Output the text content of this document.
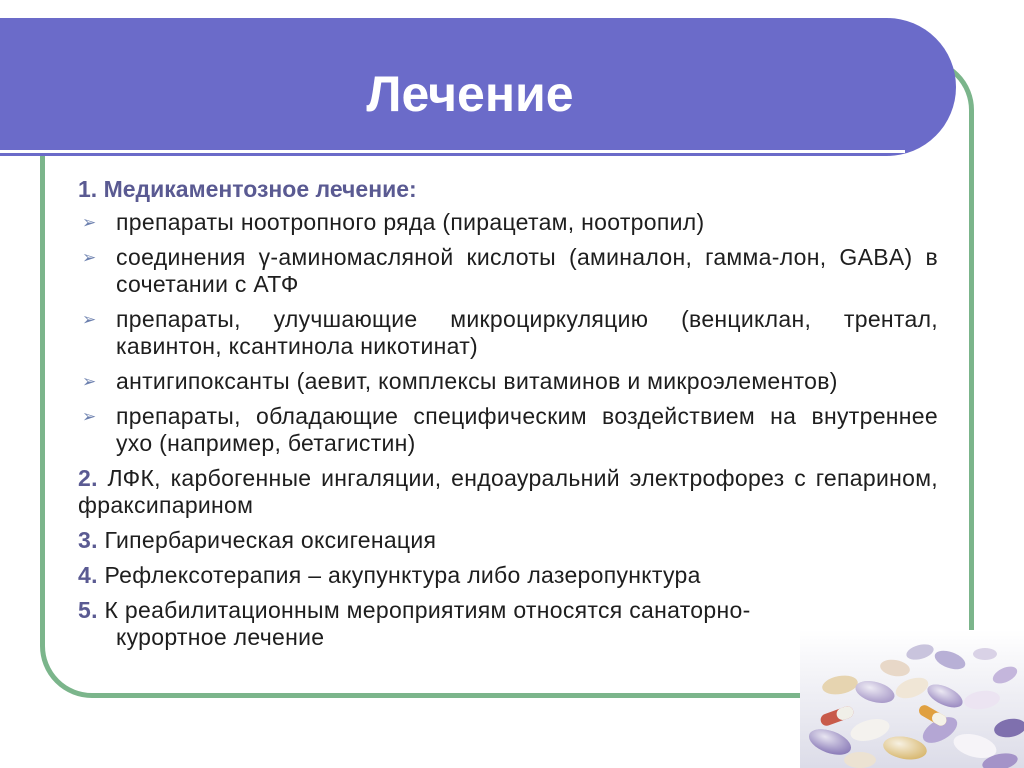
Лечение

1. Медикаментозное лечение:

➢ препараты ноотропного ряда (пирацетам, ноотропил)

➢ соединения γ-аминомасляной кислоты (аминалон, гамма-лон, GABA) в сочетании с АТФ

➢ препараты, улучшающие микроциркуляцию (венциклан, трентал, кавинтон, ксантинола никотинат)

➢ антигипоксанты (аевит, комплексы витаминов и микроэлементов)

➢ препараты, обладающие специфическим воздействием на внутреннее ухо (например, бетагистин)

2. ЛФК, карбогенные ингаляции, ендоауральний электрофорез с гепарином, фраксипарином

3. Гипербарическая оксигенация

4. Рефлексотерапия – акупунктура либо лазеропунктура

5. К реабилитационным мероприятиям относятся санаторно-
курортное лечение
